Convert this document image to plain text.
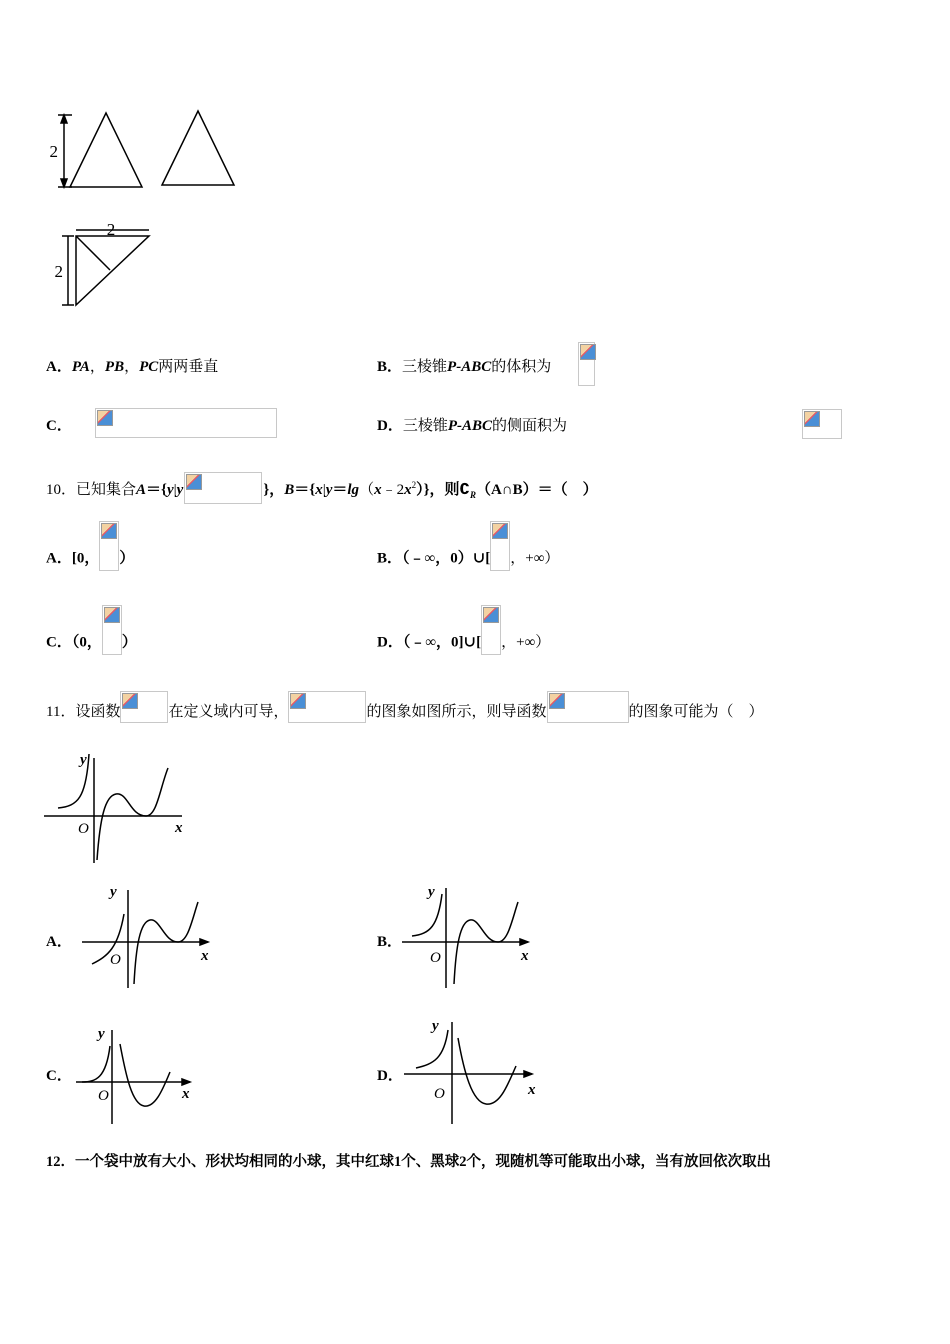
2
2
2
A．PA，PB，PC两两垂直	B．三棱锥P-ABC的体积为

C．
	D．三棱锥P-ABC的侧面积为
10．已知集合A＝{y|y	}，$B=\{x|y=\lg(x﹣2x^2)\}$，则$∁_R(A\cap B)=$（　）
A．[0， ）	B．（﹣∞，0）∪[ ，+∞）
C．（0， ）	D．（﹣∞，0]∪[ ，+∞）
11．设函数	在定义域内可导，	的图象如图所示，则导函数	的图象可能为（　）
y
x
O
A．
y
x
O
B．
y
x
O
C．
y
x
O
D．
y
x
O
12．一个袋中放有大小、形状均相同的小球，其中红球1个、黑球2个，现随机等可能取出小球，当有放回依次取出
